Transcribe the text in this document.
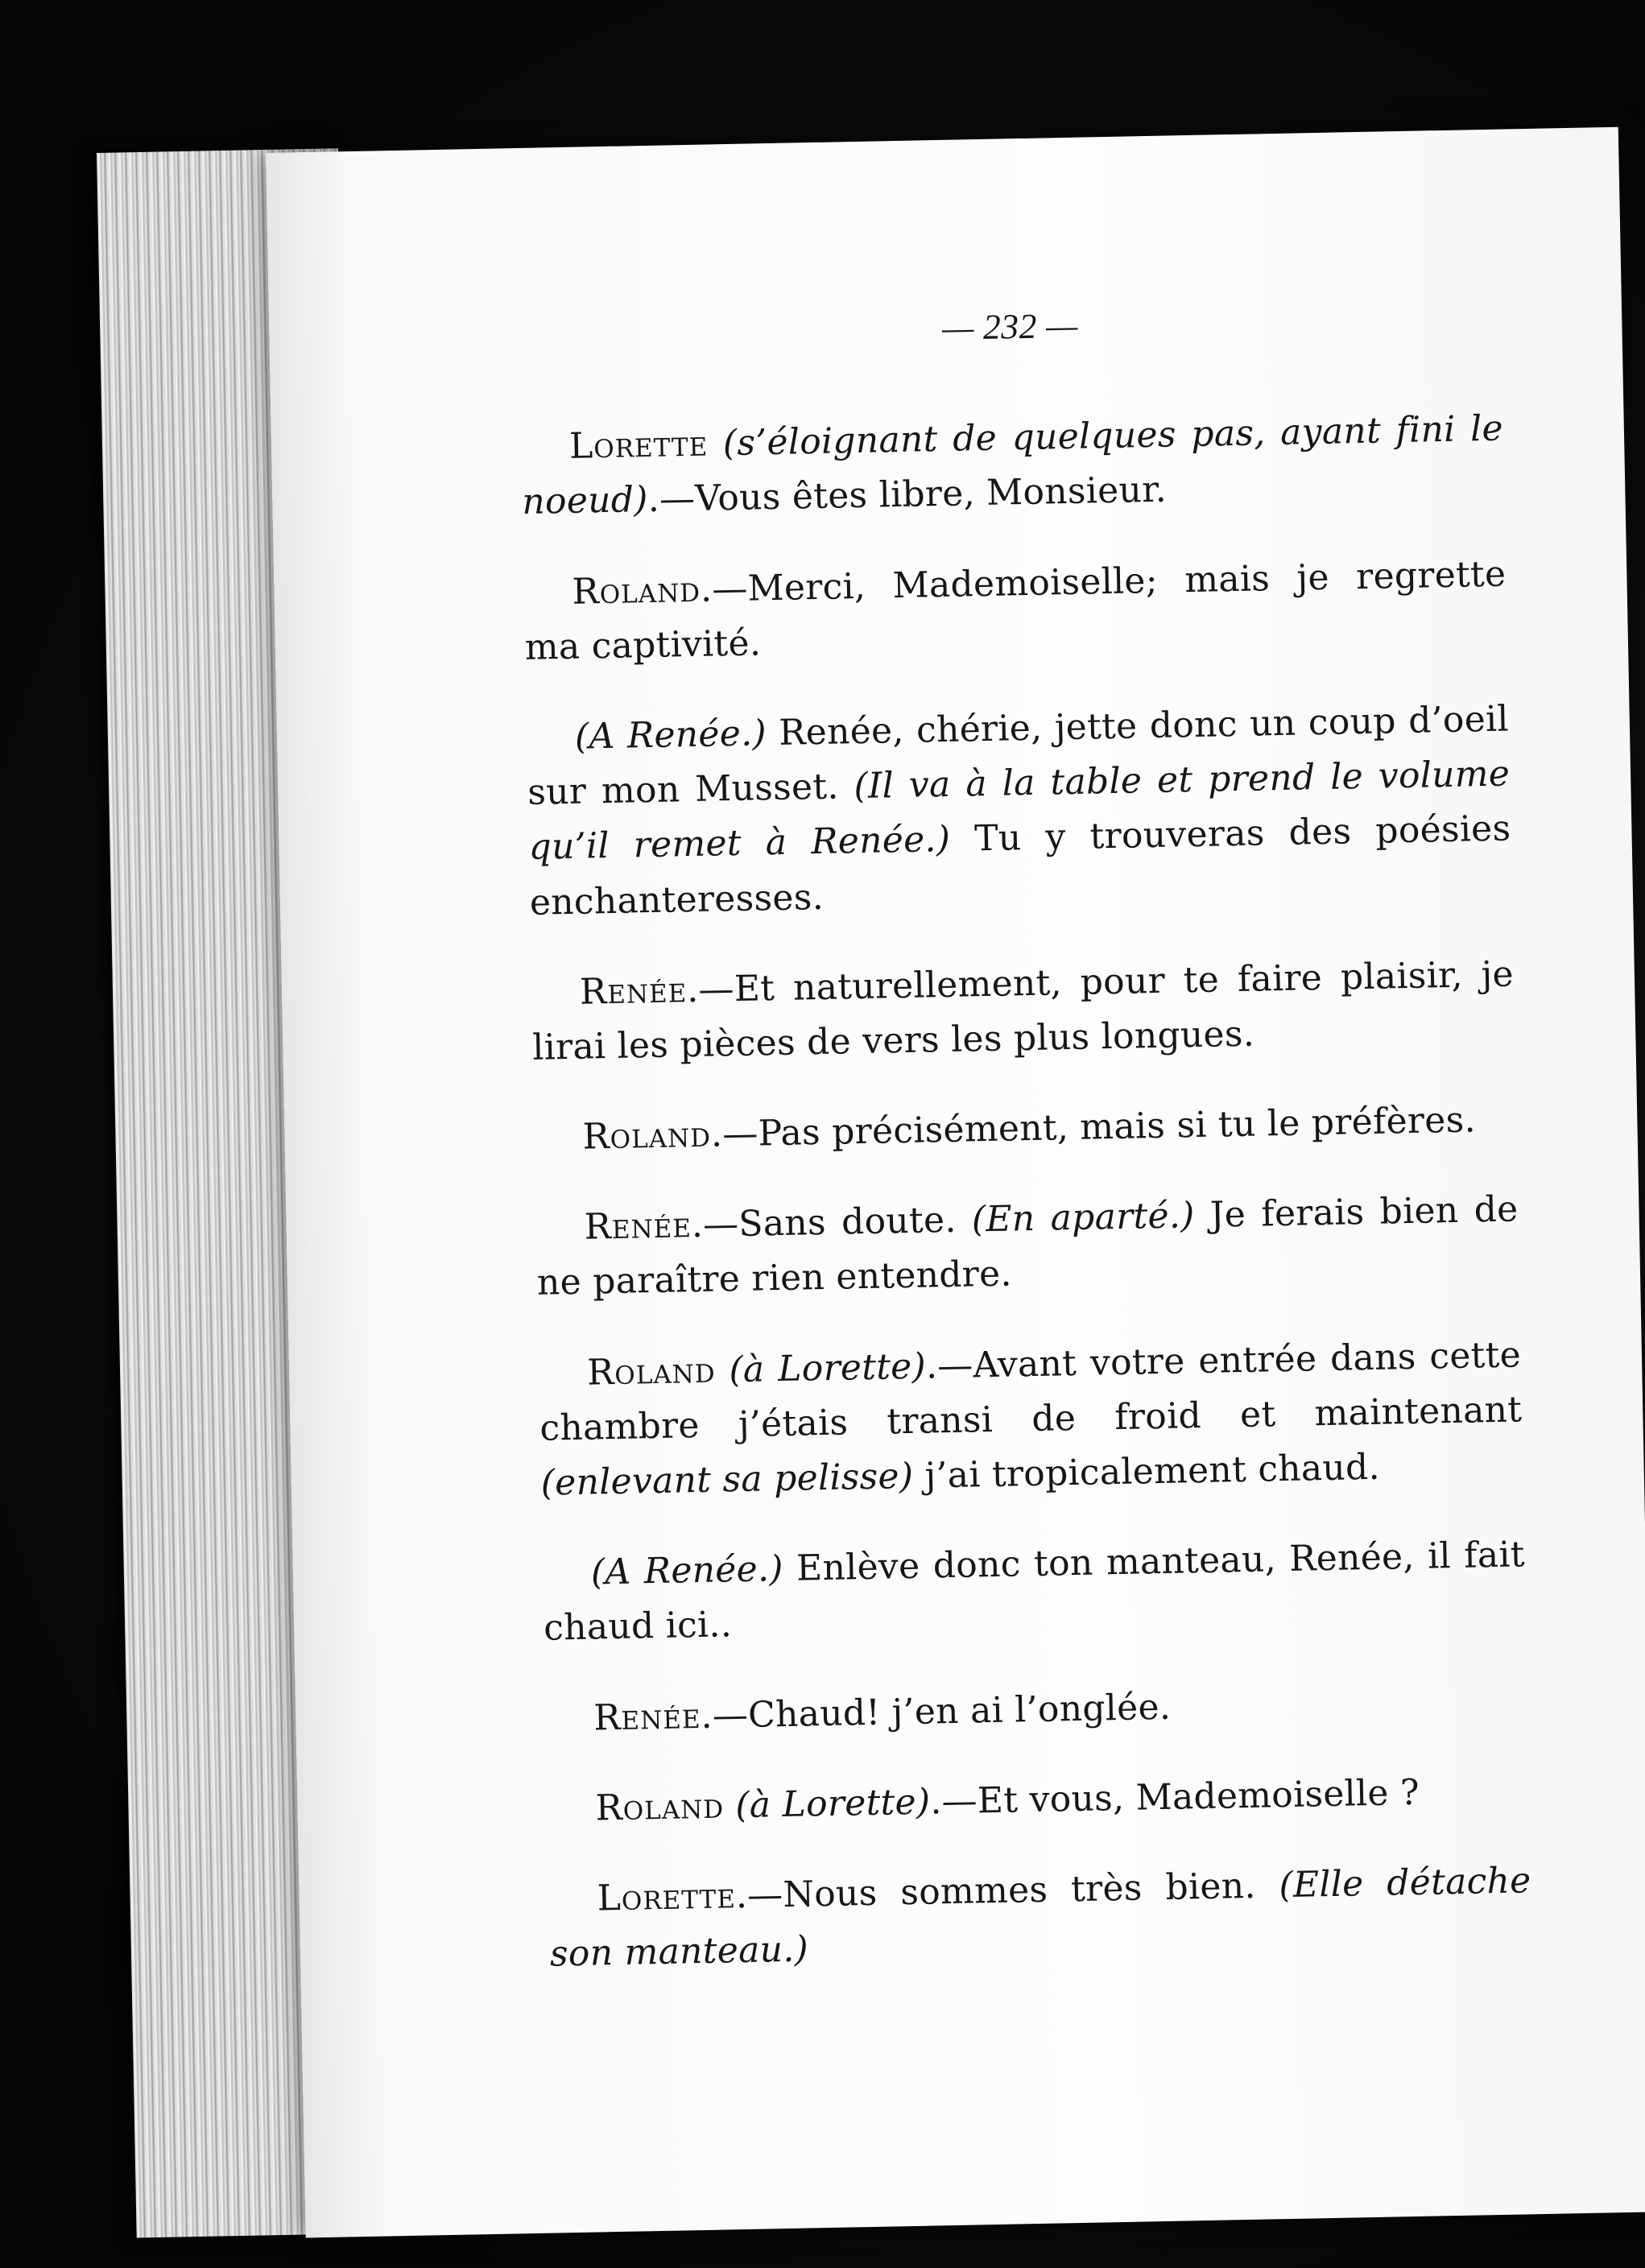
— 232 —

Lorette (s’éloignant de quelques pas, ayant fini le noeud).—Vous êtes libre, Monsieur.

Roland.—Merci, Mademoiselle; mais je regrette ma captivité.

(A Renée.) Renée, chérie, jette donc un coup d’oeil sur mon Musset. (Il va à la table et prend le volume qu’il remet à Renée.) Tu y trouveras des poésies enchanteresses.

Renée.—Et naturellement, pour te faire plaisir, je lirai les pièces de vers les plus longues.

Roland.—Pas précisément, mais si tu le préfères.

Renée.—Sans doute. (En aparté.) Je ferais bien de ne paraître rien entendre.

Roland (à Lorette).—Avant votre entrée dans cette chambre j’étais transi de froid et maintenant (enlevant sa pelisse) j’ai tropicalement chaud.

(A Renée.) Enlève donc ton manteau, Renée, il fait chaud ici..

Renée.—Chaud! j’en ai l’onglée.

Roland (à Lorette).—Et vous, Mademoiselle ?

Lorette.—Nous sommes très bien. (Elle détache son manteau.)
